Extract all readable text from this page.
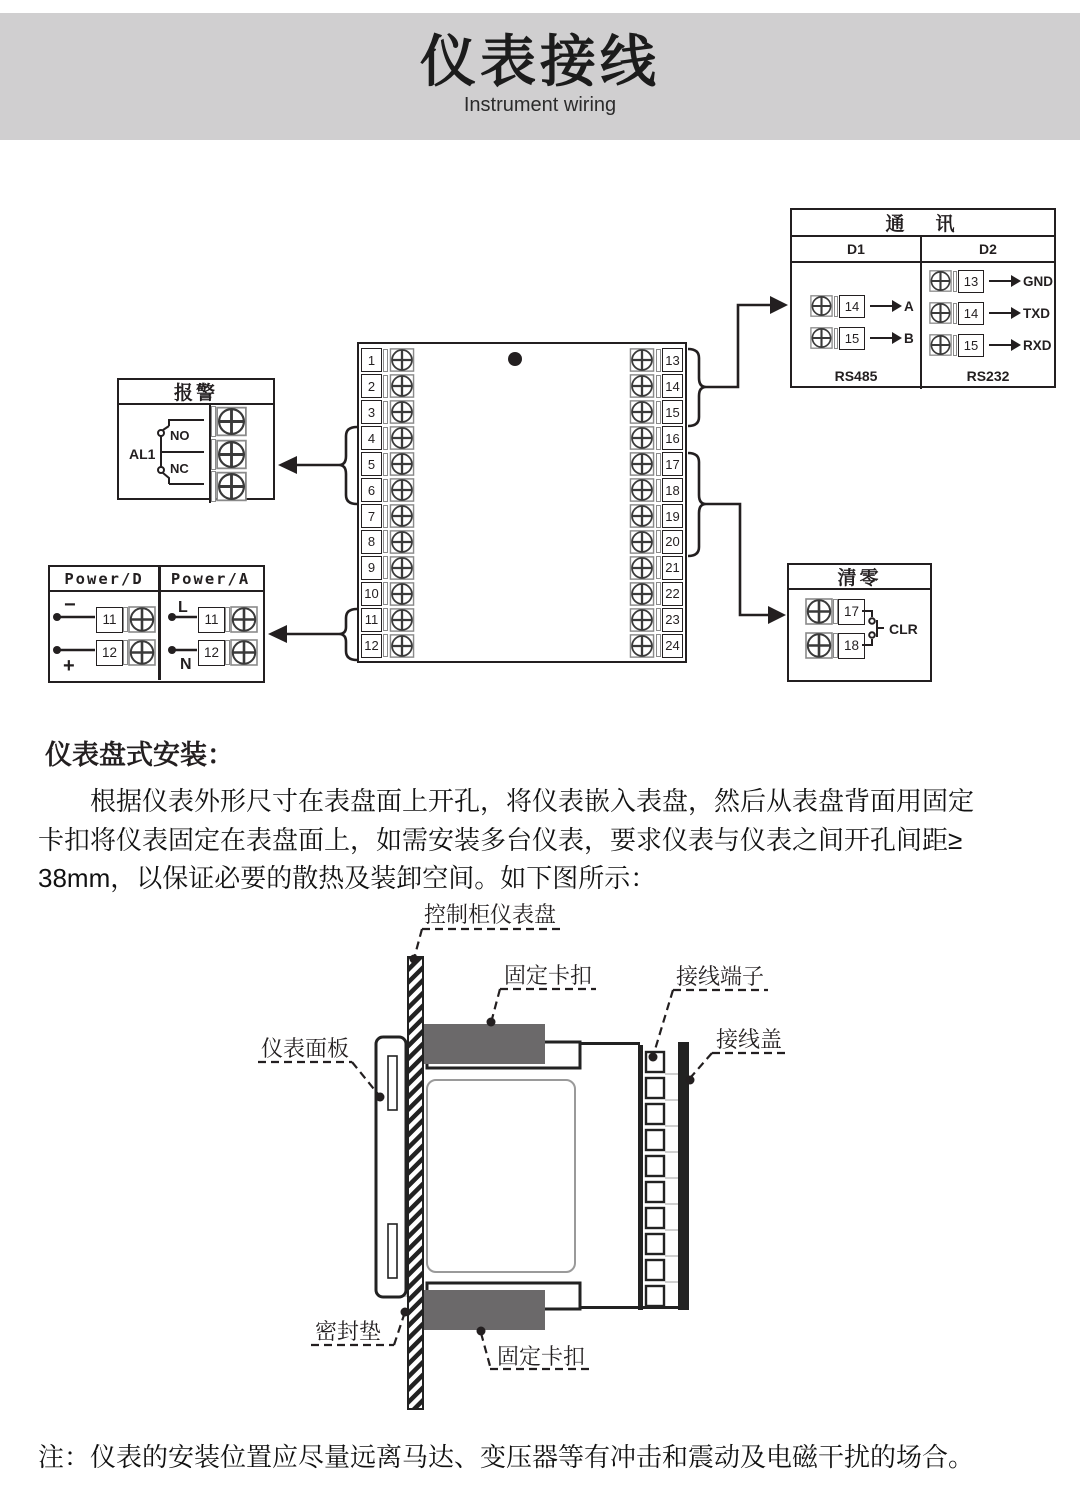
仪表接线
Instrument wiring
通　讯
D1
14	A
15	B
RS485
D2
13	GND
14	TXD
15	RXD
RS232
报警
AL1
NO
NC
Power/D	Power/A
11
12
11
12
−
+
L
N
清零
17
18
CLR
1
2
3
4
5
6
7
8
9
10
11
12
13
14
15
16
17
18
19
20
21
22
23
24
控制柜仪表盘
固定卡扣	接线端子
接线盖
仪表面板
密封垫
固定卡扣
仪表盘式安装：
根据仪表外形尺寸在表盘面上开孔，将仪表嵌入表盘，然后从表盘背面用固定
卡扣将仪表固定在表盘面上，如需安装多台仪表，要求仪表与仪表之间开孔间距≥
38mm，以保证必要的散热及装卸空间。如下图所示：
注：仪表的安装位置应尽量远离马达、变压器等有冲击和震动及电磁干扰的场合。
